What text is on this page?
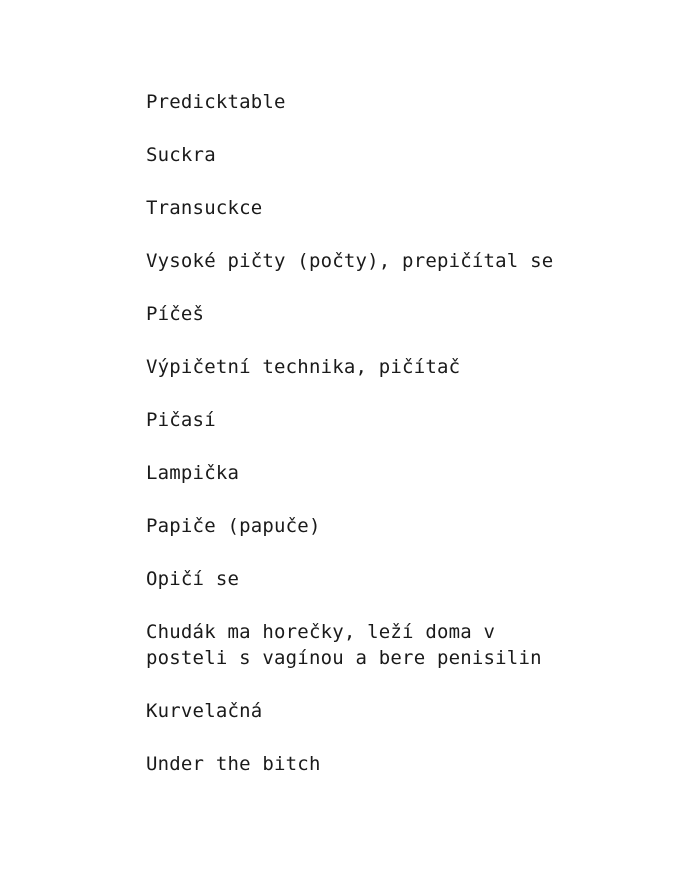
Predicktable
Suckra
Transuckce
Vysoké pičty (počty), prepičítal se
Píčeš
Výpičetní technika, pičítač
Pičasí
Lampička
Papiče (papuče)
Opičí se
Chudák ma horečky, leží doma v
posteli s vagínou a bere penisilin
Kurvelačná
Under the bitch
